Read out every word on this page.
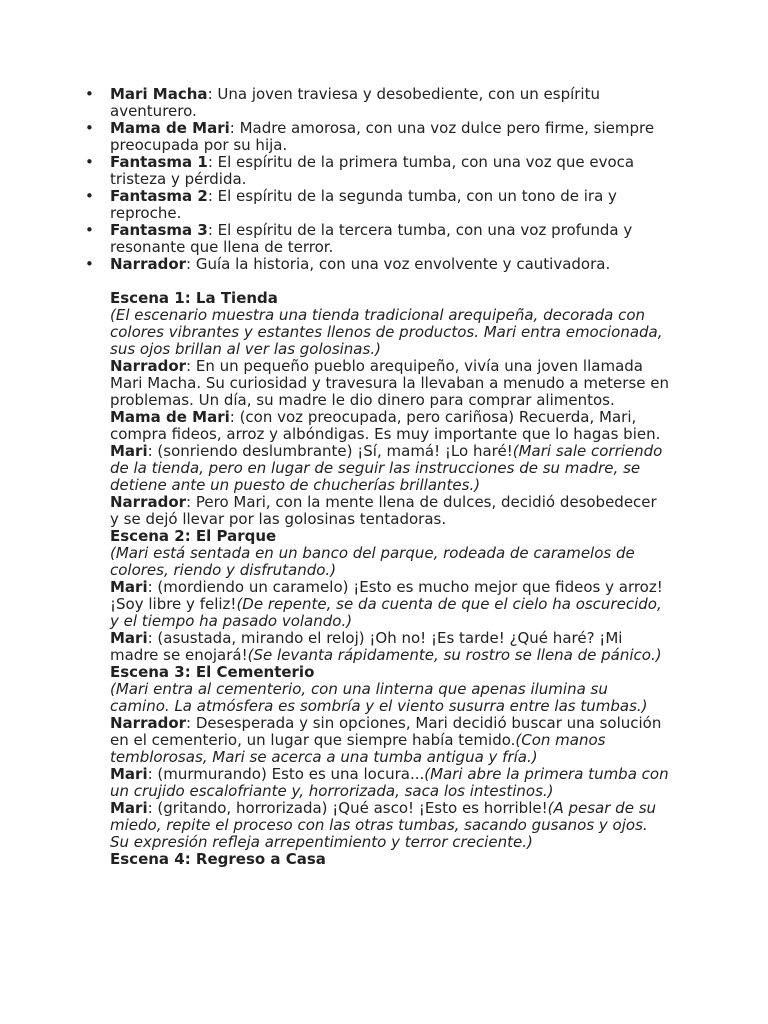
• Mari Macha: Una joven traviesa y desobediente, con un espíritu aventurero.
• Mama de Mari: Madre amorosa, con una voz dulce pero firme, siempre preocupada por su hija.
• Fantasma 1: El espíritu de la primera tumba, con una voz que evoca tristeza y pérdida.
• Fantasma 2: El espíritu de la segunda tumba, con un tono de ira y reproche.
• Fantasma 3: El espíritu de la tercera tumba, con una voz profunda y resonante que llena de terror.
• Narrador: Guía la historia, con una voz envolvente y cautivadora.
Escena 1: La Tienda
(El escenario muestra una tienda tradicional arequipeña, decorada con colores vibrantes y estantes llenos de productos. Mari entra emocionada, sus ojos brillan al ver las golosinas.)
Narrador: En un pequeño pueblo arequipeño, vivía una joven llamada Mari Macha. Su curiosidad y travesura la llevaban a menudo a meterse en problemas. Un día, su madre le dio dinero para comprar alimentos.
Mama de Mari: (con voz preocupada, pero cariñosa) Recuerda, Mari, compra fideos, arroz y albóndigas. Es muy importante que lo hagas bien.
Mari: (sonriendo deslumbrante) ¡Sí, mamá! ¡Lo haré!(Mari sale corriendo de la tienda, pero en lugar de seguir las instrucciones de su madre, se detiene ante un puesto de chucherías brillantes.)
Narrador: Pero Mari, con la mente llena de dulces, decidió desobedecer y se dejó llevar por las golosinas tentadoras.
Escena 2: El Parque
(Mari está sentada en un banco del parque, rodeada de caramelos de colores, riendo y disfrutando.)
Mari: (mordiendo un caramelo) ¡Esto es mucho mejor que fideos y arroz! ¡Soy libre y feliz!(De repente, se da cuenta de que el cielo ha oscurecido, y el tiempo ha pasado volando.)
Mari: (asustada, mirando el reloj) ¡Oh no! ¡Es tarde! ¿Qué haré? ¡Mi madre se enojará!(Se levanta rápidamente, su rostro se llena de pánico.)
Escena 3: El Cementerio
(Mari entra al cementerio, con una linterna que apenas ilumina su camino. La atmósfera es sombría y el viento susurra entre las tumbas.)
Narrador: Desesperada y sin opciones, Mari decidió buscar una solución en el cementerio, un lugar que siempre había temido.(Con manos temblorosas, Mari se acerca a una tumba antigua y fría.)
Mari: (murmurando) Esto es una locura...(Mari abre la primera tumba con un crujido escalofriante y, horrorizada, saca los intestinos.)
Mari: (gritando, horrorizada) ¡Qué asco! ¡Esto es horrible!(A pesar de su miedo, repite el proceso con las otras tumbas, sacando gusanos y ojos. Su expresión refleja arrepentimiento y terror creciente.)
Escena 4: Regreso a Casa
